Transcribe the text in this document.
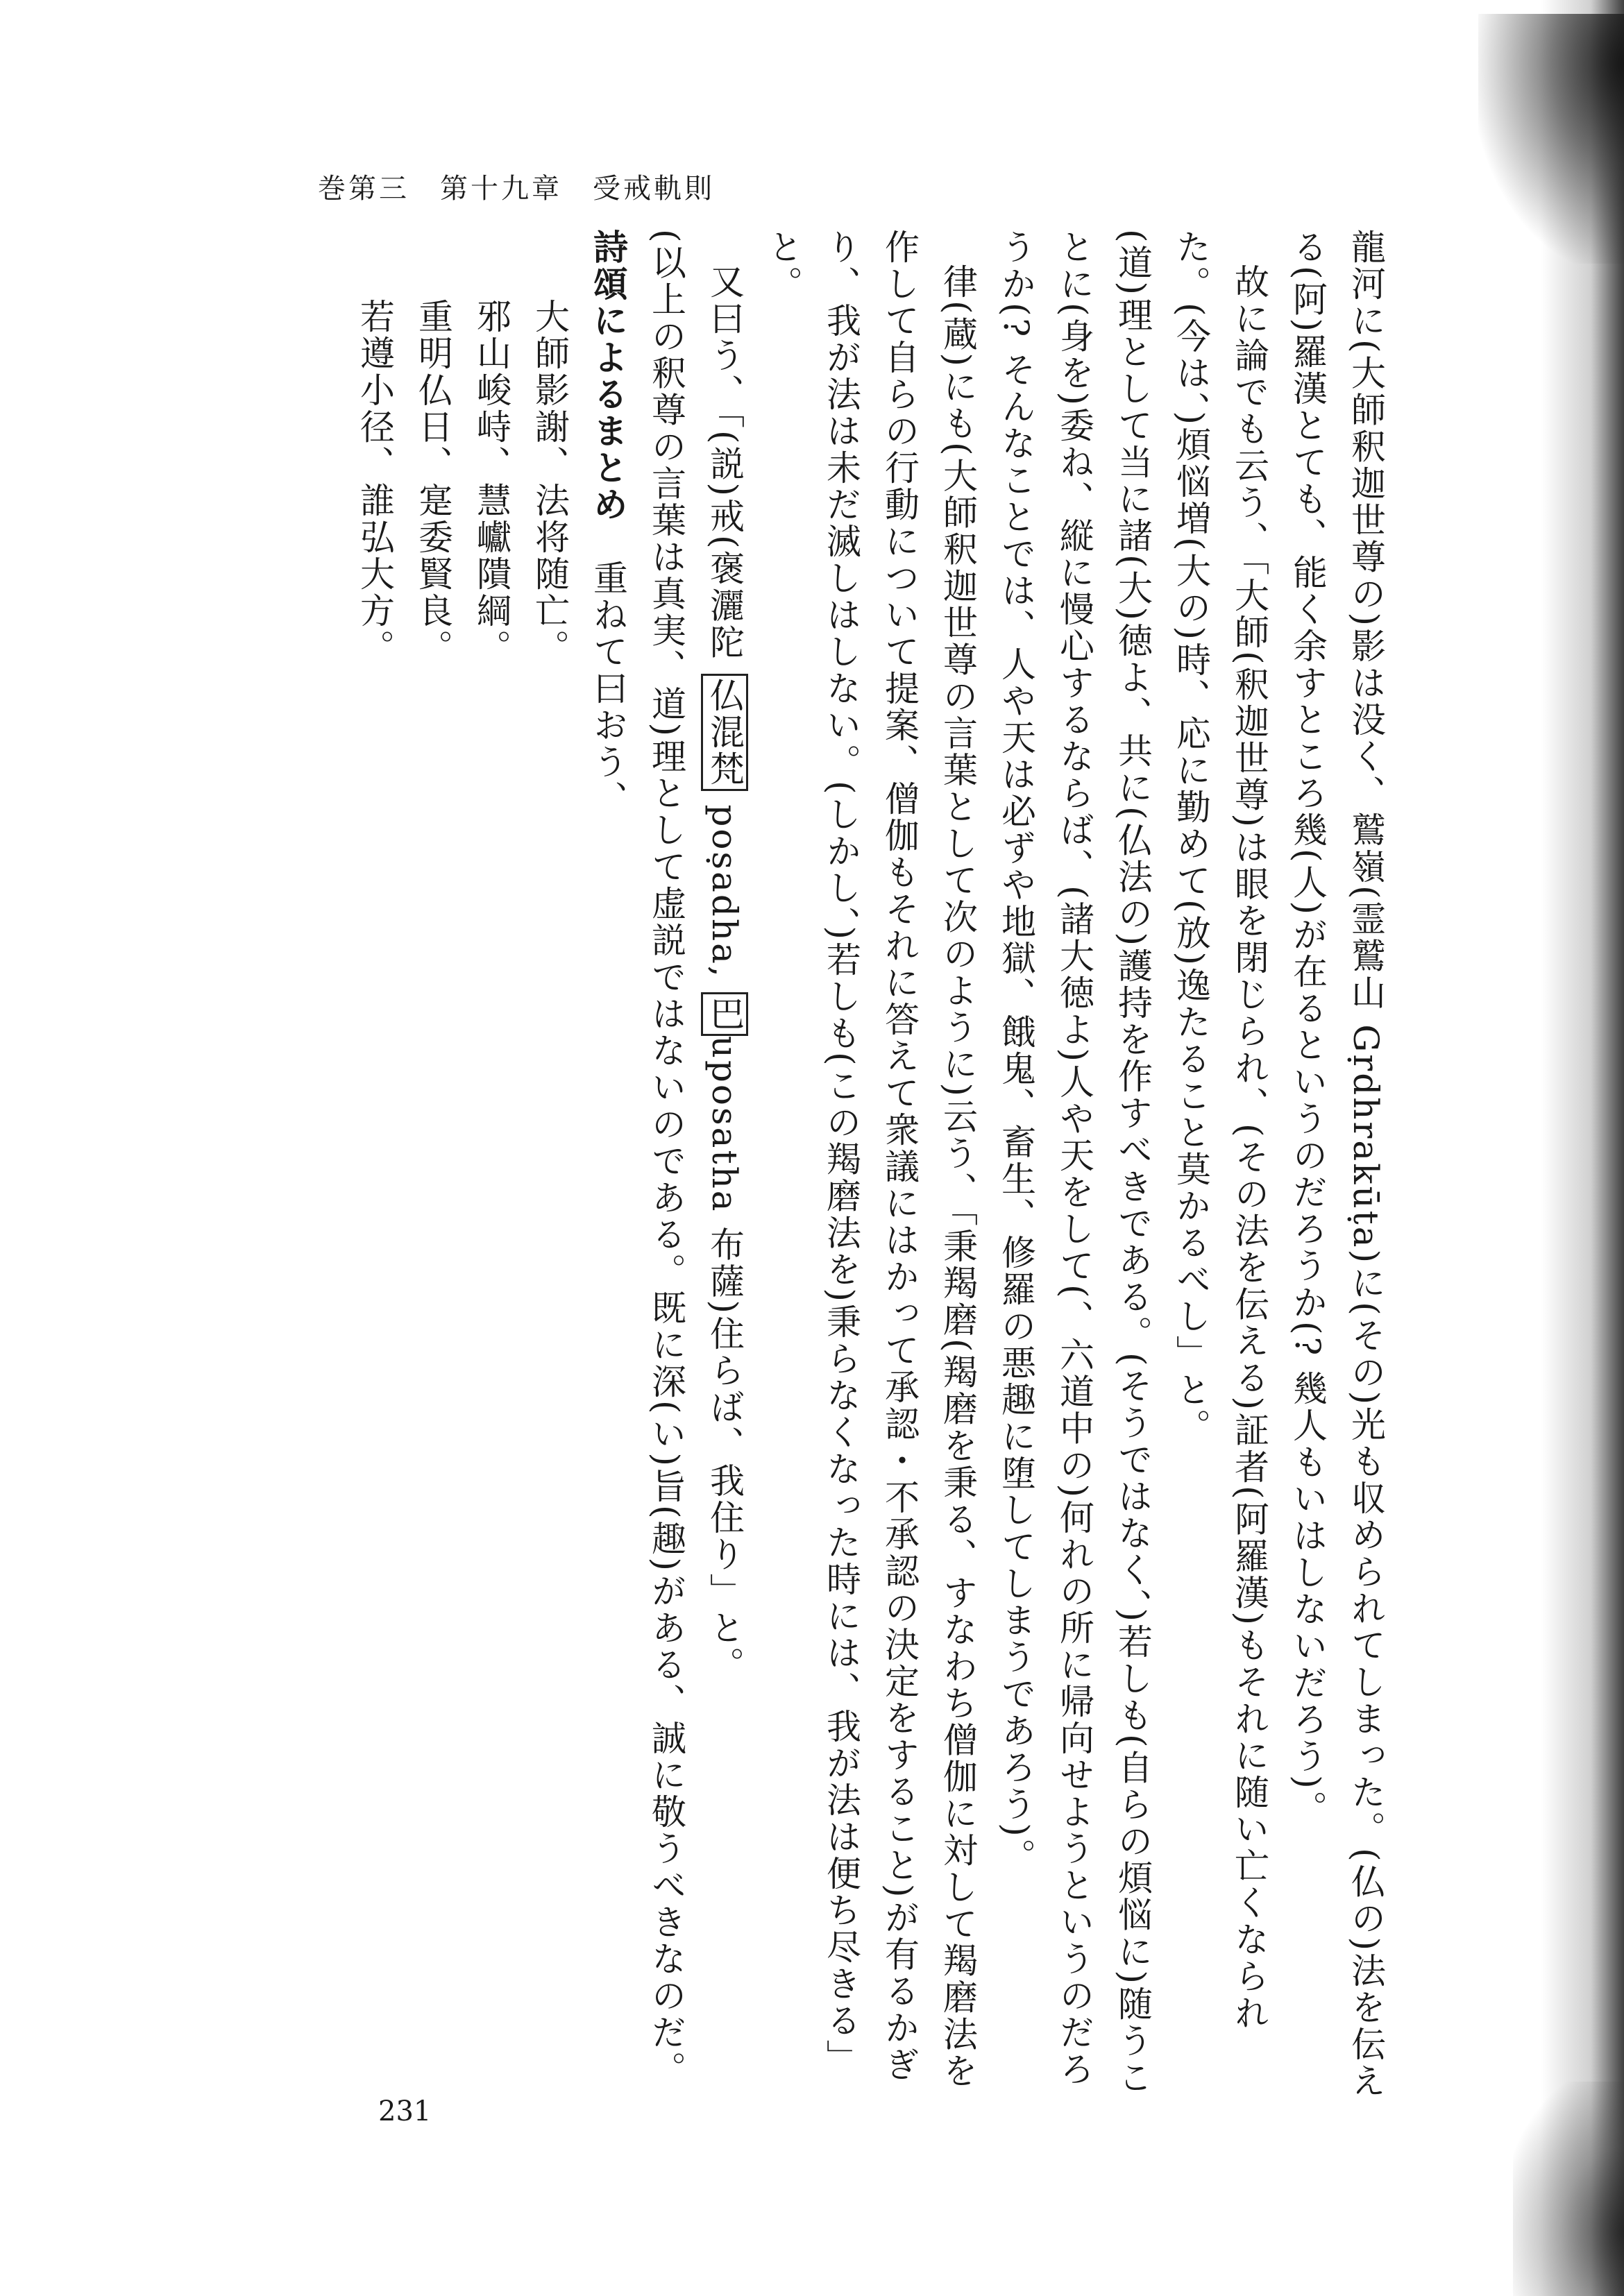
巻第三　第十九章　受戒軌則

龍河に(大師釈迦世尊の)影は没く、鷲嶺(霊鷲山 Gṛdhrakūṭa)に(その)光も収められてしまった。(仏の)法を伝える(阿)羅漢とても、能く余すところ幾(人)が在るというのだろうか(? 幾人もいはしないだろう)。

故に論でも云う、「大師(釈迦世尊)は眼を閉じられ、(その法を伝える)証者(阿羅漢)もそれに随い亡くなられた。(今は、)煩悩増(大の)時、応に勤めて(放)逸たること莫かるべし」と。

(道)理として当に諸(大)徳よ、共に(仏法の)護持を作すべきである。(そうではなく、)若しも(自らの煩悩に)随うことに(身を)委ね、縦に慢心するならば、(諸大徳よ)人や天をして(、六道中の)何れの所に帰向せようというのだろうか(? そんなことでは、人や天は必ずや地獄、餓鬼、畜生、修羅の悪趣に堕してしまうであろう)。

律(蔵)にも(大師釈迦世尊の言葉として次のように)云う、「秉羯磨(羯磨を秉る、すなわち僧伽に対して羯磨法を作して自らの行動について提案、僧伽もそれに答えて衆議にはかって承認・不承認の決定をすること)が有るかぎり、我が法は未だ滅しはしない。(しかし、)若しも(この羯磨法を)秉らなくなった時には、我が法は便ち尽きる」と。

又曰う、「(説)戒(褒灑陀 仏混梵 poṣadha, 巴uposatha 布薩)住らば、我住り」と。

(以上の釈尊の言葉は真実、道)理として虚説ではないのである。既に深(い)旨(趣)がある、誠に敬うべきなのだ。

詩頌によるまとめ　重ねて曰おう、

大師影謝、法将随亡。

邪山峻峙、慧巘隤綱。

重明仏日、寔委賢良。

若遵小径、誰弘大方。

231
